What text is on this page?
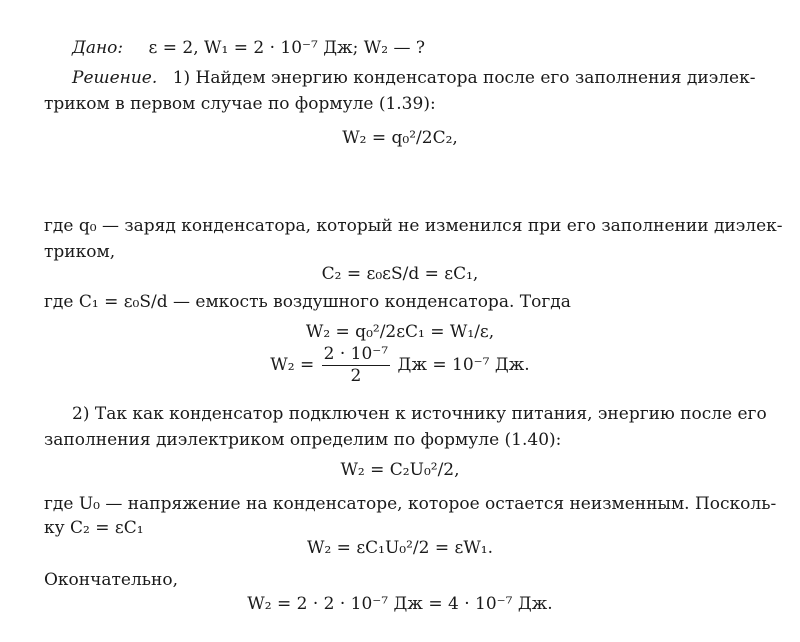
Дано: ε = 2, W₁ = 2 · 10⁻⁷ Дж; W₂ — ?
Решение. 1) Найдем энергию конденсатора после его заполнения диэлек-
триком в первом случае по формуле (1.39):
W₂ = q₀²/2C₂,
где q₀ — заряд конденсатора, который не изменился при его заполнении диэлек-
триком,
C₂ = ε₀εS/d = εC₁,
где C₁ = ε₀S/d — емкость воздушного конденсатора. Тогда
W₂ = q₀²/2εC₁ = W₁/ε,
$W_2 = \frac{\text{2 · 10⁻⁷}}{2}$ Дж = 10⁻⁷ Дж.
2) Так как конденсатор подключен к источнику питания, энергию после его
заполнения диэлектриком определим по формуле (1.40):
W₂ = C₂U₀²/2,
где U₀ — напряжение на конденсаторе, которое остается неизменным. Посколь-
ку C₂ = εC₁
W₂ = εC₁U₀²/2 = εW₁.
Окончательно,
W₂ = 2 · 2 · 10⁻⁷ Дж = 4 · 10⁻⁷ Дж.
